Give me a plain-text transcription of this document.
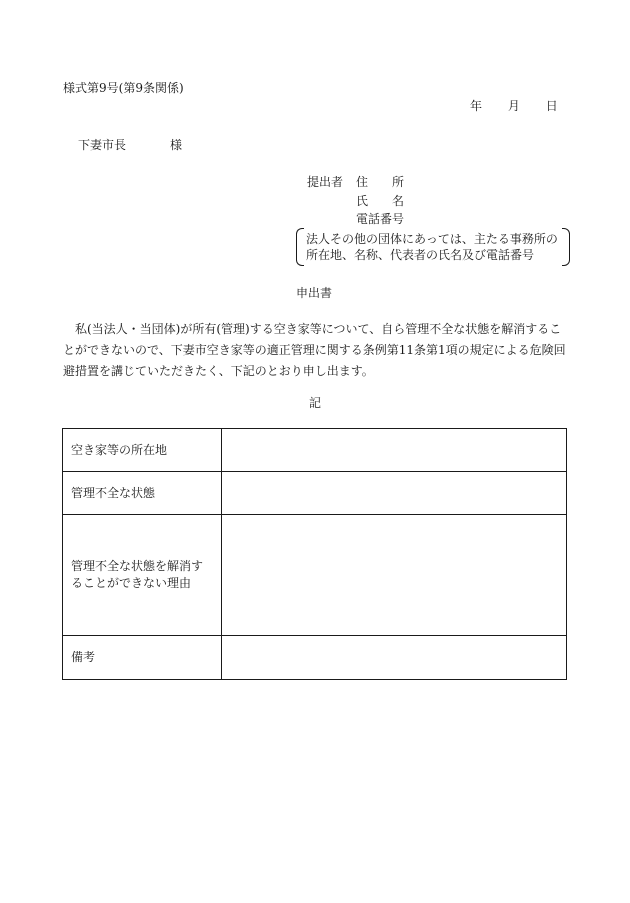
様式第9号(第9条関係)
年 月 日
下妻市長	様
提出者 住　　所
氏　　名
電話番号
法人その他の団体にあっては、主たる事務所の所在地、名称、代表者の氏名及び電話番号
申出書
私(当法人・当団体)が所有(管理)する空き家等について、自ら管理不全な状態を解消することができないので、下妻市空き家等の適正管理に関する条例第11条第1項の規定による危険回避措置を講じていただきたく、下記のとおり申し出ます。
記
空き家等の所在地	
管理不全な状態	
管理不全な状態を解消することができない理由	
備考	
